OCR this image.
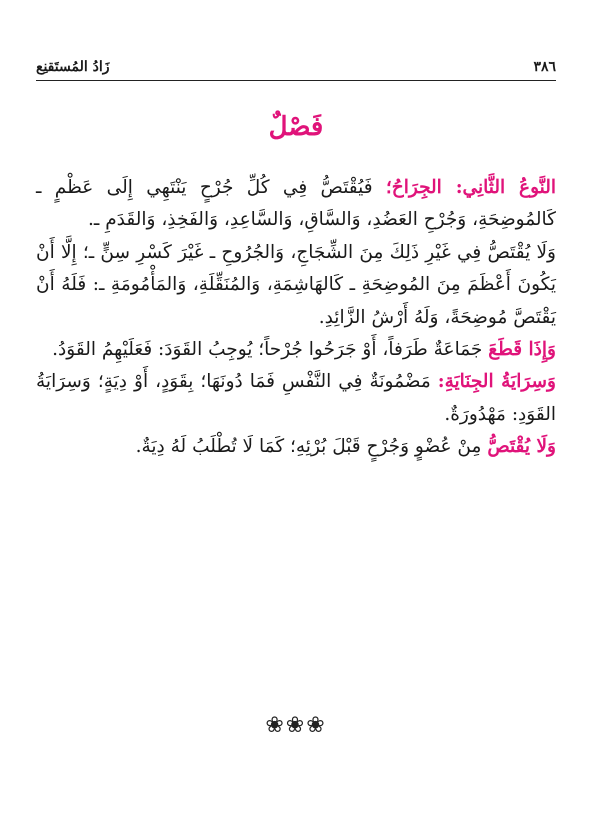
٣٨٦
زَادُ المُستَقنِع
فَصْلٌ

النَّوعُ الثَّانِي: الجِرَاحُ؛ فَيُقْتَصُّ فِي كُلِّ جُرْحٍ يَنْتَهِي إِلَى عَظْمٍ ـ كَالمُوضِحَةِ، وَجُرْحِ العَضُدِ، وَالسَّاقِ، وَالسَّاعِدِ، وَالفَخِذِ، وَالقَدَمِ ـ.

وَلَا يُقْتَصُّ فِي غَيْرِ ذَلِكَ مِنَ الشِّجَاجِ، وَالجُرُوحِ ـ غَيْرَ كَسْرِ سِنٍّ ـ؛ إِلَّا أَنْ يَكُونَ أَعْظَمَ مِنَ المُوضِحَةِ ـ كَالهَاشِمَةِ، وَالمُنَقِّلَةِ، وَالمَأْمُومَةِ ـ: فَلَهُ أَنْ يَقْتَصَّ مُوضِحَةً، وَلَهُ أَرْشُ الزَّائِدِ.

وَإِذَا قَطَعَ جَمَاعَةٌ طَرَفاً، أَوْ جَرَحُوا جُرْحاً؛ يُوجِبُ القَوَدَ: فَعَلَيْهِمُ القَوَدُ.

وَسِرَايَةُ الجِنَايَةِ: مَضْمُونَةٌ فِي النَّفْسِ فَمَا دُونَهَا؛ بِقَوَدٍ، أَوْ دِيَةٍ؛ وَسِرَايَةُ القَوَدِ: مَهْدُورَةٌ.

وَلَا يُقْتَصُّ مِنْ عُضْوٍ وَجُرْحٍ قَبْلَ بُرْئِهِ؛ كَمَا لَا تُطْلَبُ لَهُ دِيَةٌ.

❀❀❀
